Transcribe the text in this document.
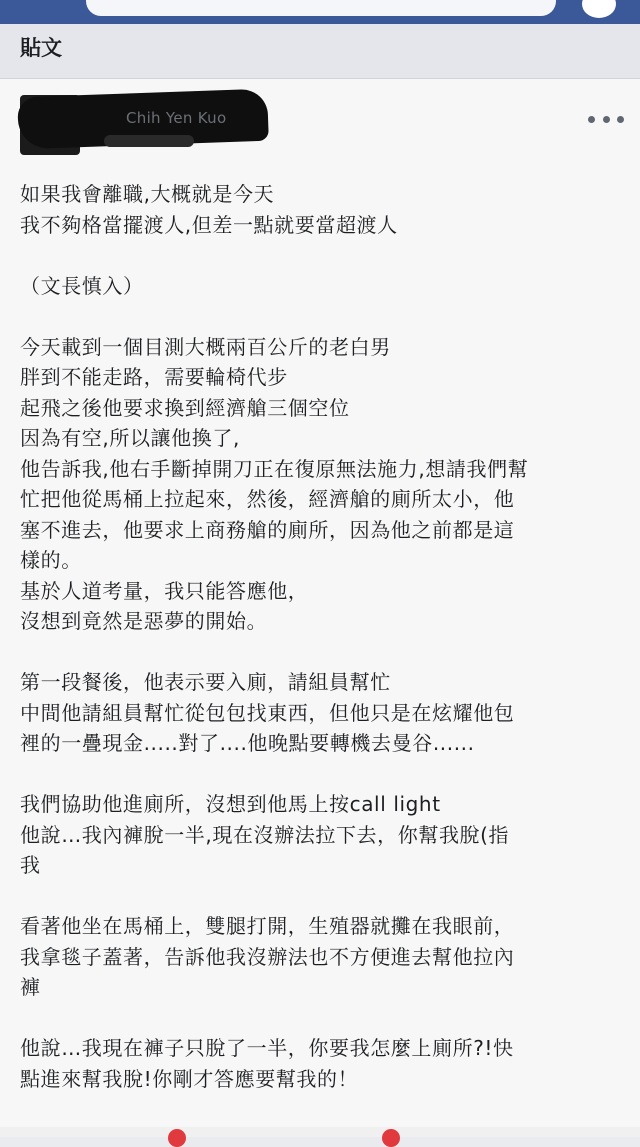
貼文
Chih Yen Kuo
如果我會離職,大概就是今天
我不夠格當擺渡人,但差一點就要當超渡人
（文長慎入）
今天載到一個目測大概兩百公斤的老白男
胖到不能走路，需要輪椅代步
起飛之後他要求換到經濟艙三個空位
因為有空,所以讓他換了,
他告訴我,他右手斷掉開刀正在復原無法施力,想請我們幫
忙把他從馬桶上拉起來，然後，經濟艙的廁所太小，他
塞不進去，他要求上商務艙的廁所，因為他之前都是這
樣的。
基於人道考量，我只能答應他，
沒想到竟然是惡夢的開始。
第一段餐後，他表示要入廁，請組員幫忙
中間他請組員幫忙從包包找東西，但他只是在炫耀他包
裡的一疊現金.....對了....他晚點要轉機去曼谷......
我們協助他進廁所，沒想到他馬上按call light
他說…我內褲脫一半,現在沒辦法拉下去，你幫我脫(指
我
看著他坐在馬桶上，雙腿打開，生殖器就攤在我眼前，
我拿毯子蓋著，告訴他我沒辦法也不方便進去幫他拉內
褲
他說…我現在褲子只脫了一半，你要我怎麼上廁所?!快
點進來幫我脫!你剛才答應要幫我的！
